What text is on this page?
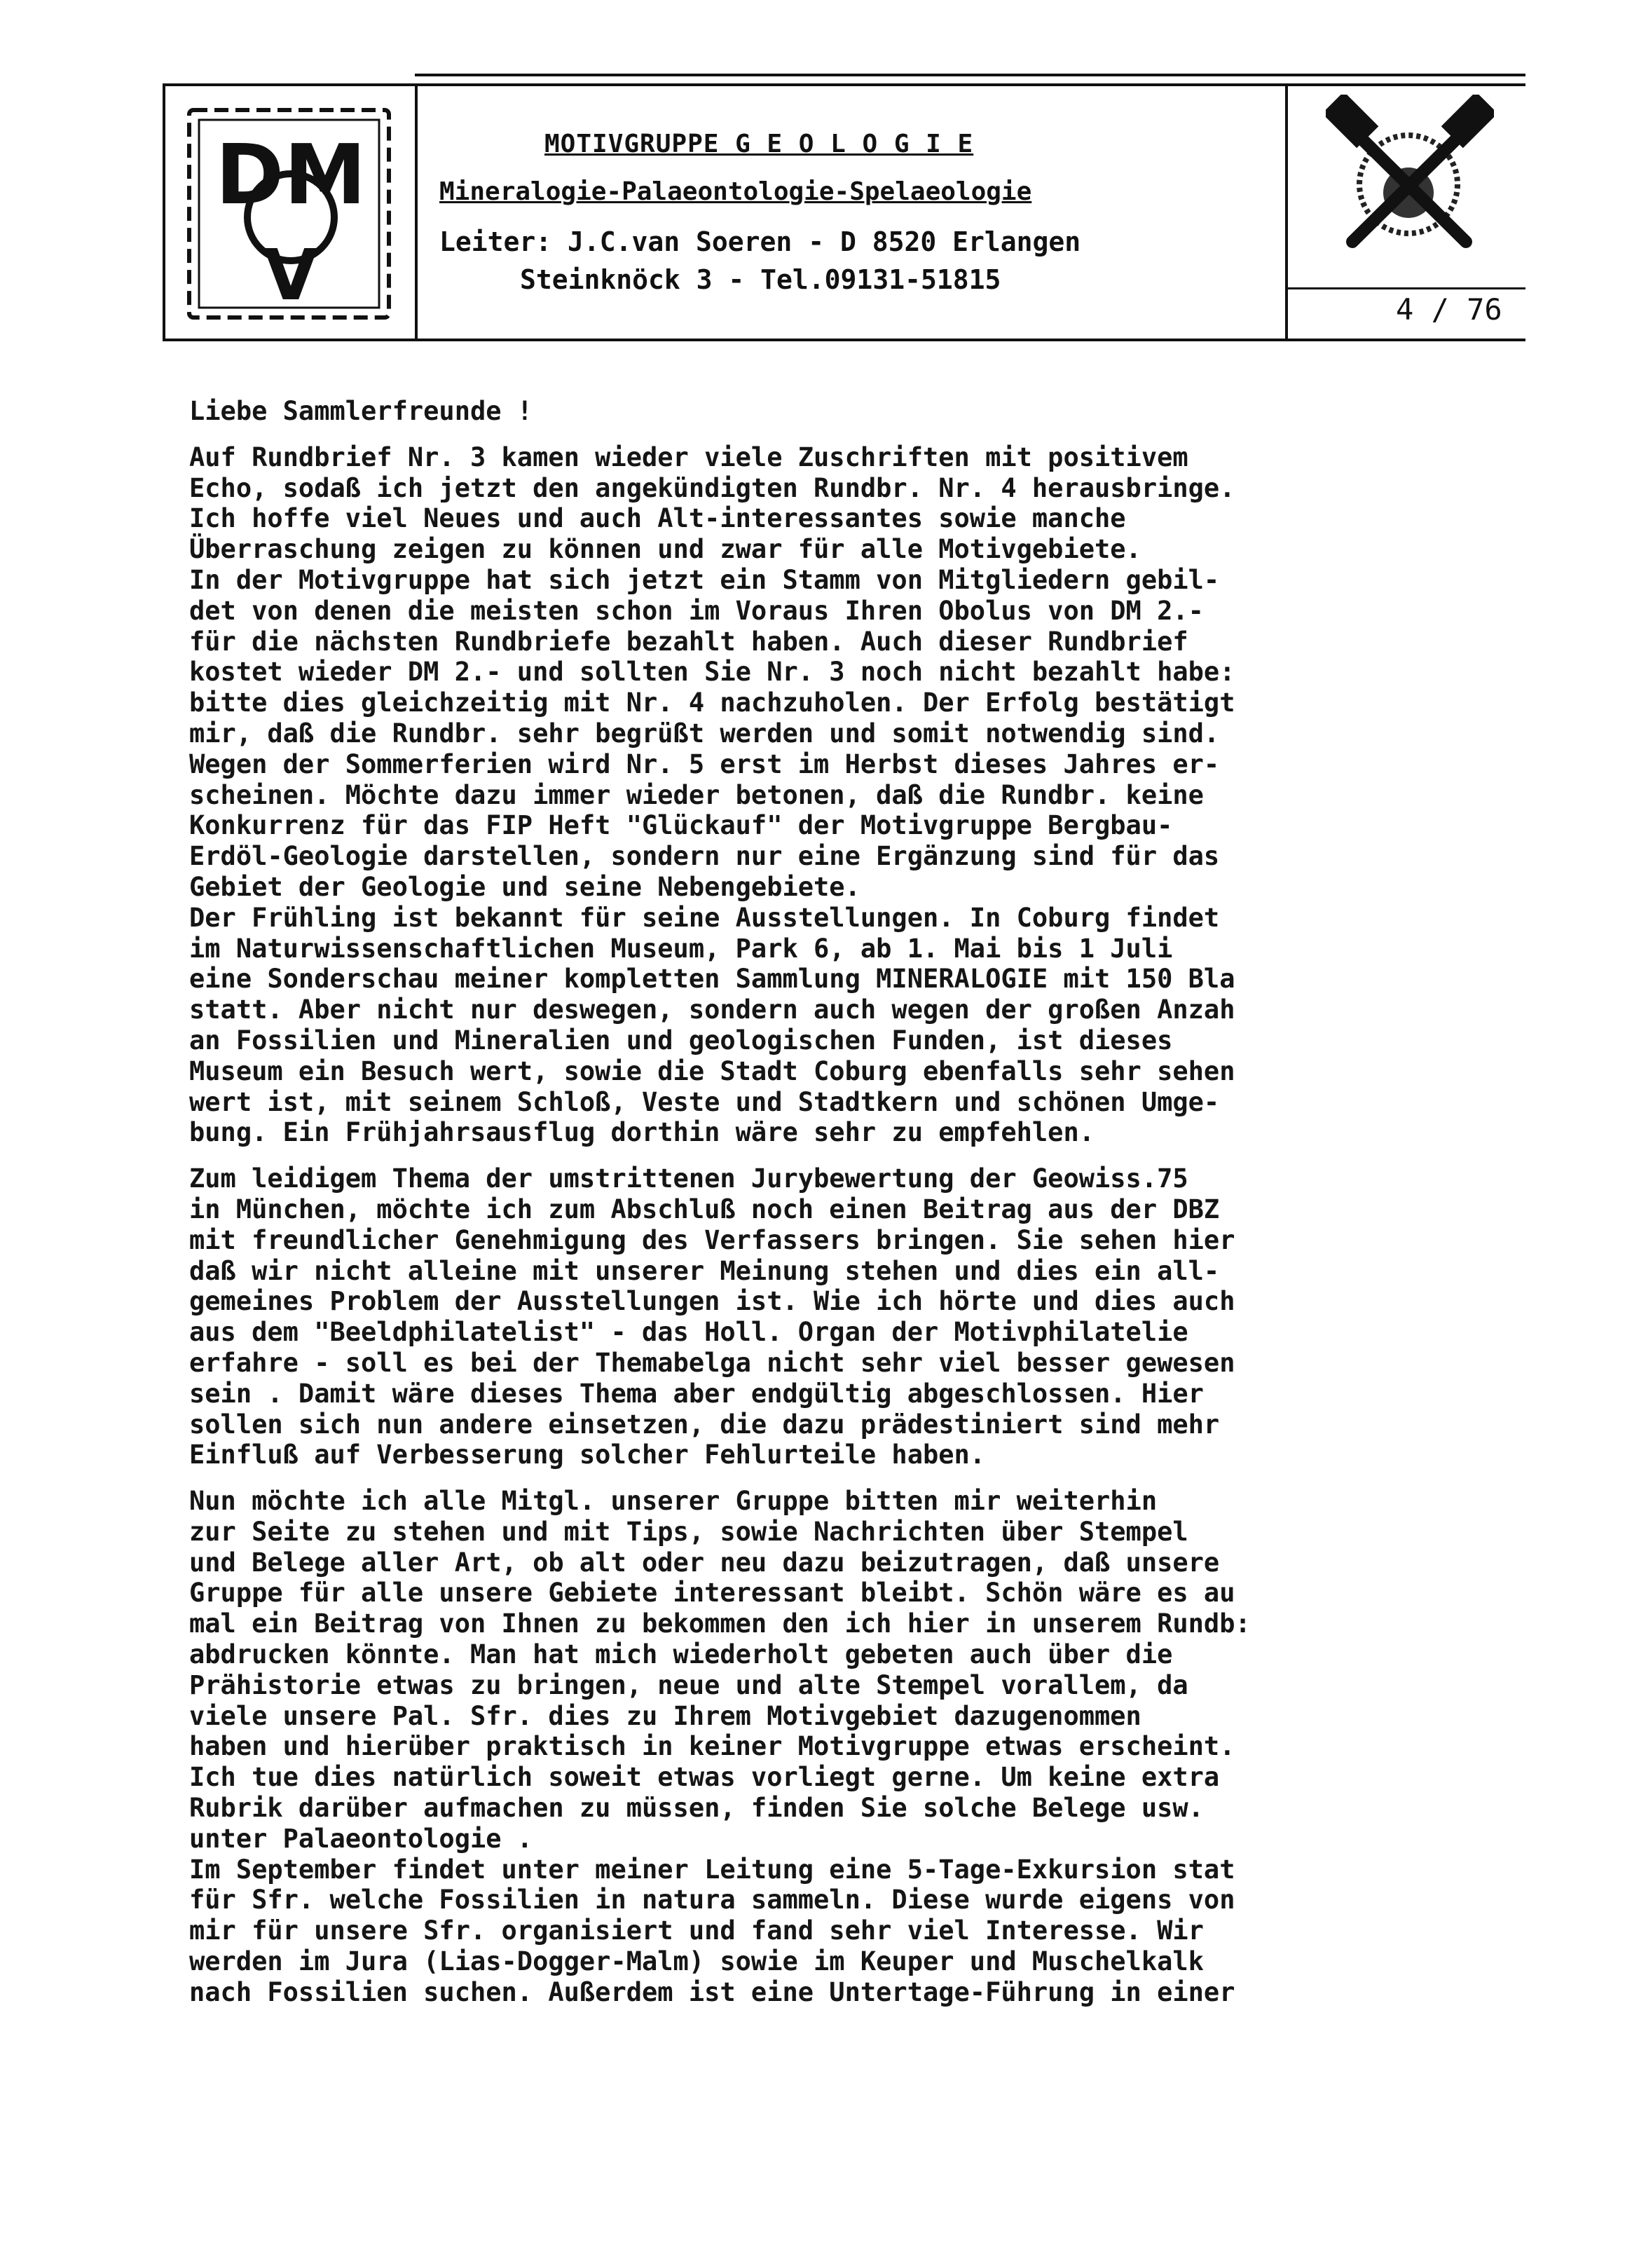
DM
V
MOTIVGRUPPE G E O L O G I E
Mineralogie-Palaeontologie-Spelaeologie
Leiter: J.C.van Soeren - D 8520 Erlangen
Steinknöck 3 - Tel.09131-51815
4 / 76
Liebe Sammlerfreunde !
Auf Rundbrief Nr. 3 kamen wieder viele Zuschriften mit positivem
Echo, sodaß ich jetzt den angekündigten Rundbr. Nr. 4 herausbringe.
Ich hoffe viel Neues und auch Alt-interessantes sowie manche
Überraschung zeigen zu können und zwar für alle Motivgebiete.
In der Motivgruppe hat sich jetzt ein Stamm von Mitgliedern gebil-
det von denen die meisten schon im Voraus Ihren Obolus von DM 2.-
für die nächsten Rundbriefe bezahlt haben. Auch dieser Rundbrief
kostet wieder DM 2.- und sollten Sie Nr. 3 noch nicht bezahlt habe:
bitte dies gleichzeitig mit Nr. 4 nachzuholen. Der Erfolg bestätigt
mir, daß die Rundbr. sehr begrüßt werden und somit notwendig sind.
Wegen der Sommerferien wird Nr. 5 erst im Herbst dieses Jahres er-
scheinen. Möchte dazu immer wieder betonen, daß die Rundbr. keine
Konkurrenz für das FIP Heft "Glückauf" der Motivgruppe Bergbau-
Erdöl-Geologie darstellen, sondern nur eine Ergänzung sind für das
Gebiet der Geologie und seine Nebengebiete.
Der Frühling ist bekannt für seine Ausstellungen. In Coburg findet
im Naturwissenschaftlichen Museum, Park 6, ab 1. Mai bis 1 Juli
eine Sonderschau meiner kompletten Sammlung MINERALOGIE mit 150 Bla
statt. Aber nicht nur deswegen, sondern auch wegen der großen Anzah
an Fossilien und Mineralien und geologischen Funden, ist dieses
Museum ein Besuch wert, sowie die Stadt Coburg ebenfalls sehr sehen
wert ist, mit seinem Schloß, Veste und Stadtkern und schönen Umge-
bung. Ein Frühjahrsausflug dorthin wäre sehr zu empfehlen.
Zum leidigem Thema der umstrittenen Jurybewertung der Geowiss.75
in München, möchte ich zum Abschluß noch einen Beitrag aus der DBZ
mit freundlicher Genehmigung des Verfassers bringen. Sie sehen hier
daß wir nicht alleine mit unserer Meinung stehen und dies ein all-
gemeines Problem der Ausstellungen ist. Wie ich hörte und dies auch
aus dem "Beeldphilatelist" - das Holl. Organ der Motivphilatelie
erfahre - soll es bei der Themabelga nicht sehr viel besser gewesen
sein . Damit wäre dieses Thema aber endgültig abgeschlossen. Hier
sollen sich nun andere einsetzen, die dazu prädestiniert sind mehr
Einfluß auf Verbesserung solcher Fehlurteile haben.
Nun möchte ich alle Mitgl. unserer Gruppe bitten mir weiterhin
zur Seite zu stehen und mit Tips, sowie Nachrichten über Stempel
und Belege aller Art, ob alt oder neu dazu beizutragen, daß unsere
Gruppe für alle unsere Gebiete interessant bleibt. Schön wäre es au
mal ein Beitrag von Ihnen zu bekommen den ich hier in unserem Rundb:
abdrucken könnte. Man hat mich wiederholt gebeten auch über die
Prähistorie etwas zu bringen, neue und alte Stempel vorallem, da
viele unsere Pal. Sfr. dies zu Ihrem Motivgebiet dazugenommen
haben und hierüber praktisch in keiner Motivgruppe etwas erscheint.
Ich tue dies natürlich soweit etwas vorliegt gerne. Um keine extra
Rubrik darüber aufmachen zu müssen, finden Sie solche Belege usw.
unter Palaeontologie .
Im September findet unter meiner Leitung eine 5-Tage-Exkursion stat
für Sfr. welche Fossilien in natura sammeln. Diese wurde eigens von
mir für unsere Sfr. organisiert und fand sehr viel Interesse. Wir
werden im Jura (Lias-Dogger-Malm) sowie im Keuper und Muschelkalk
nach Fossilien suchen. Außerdem ist eine Untertage-Führung in einer
